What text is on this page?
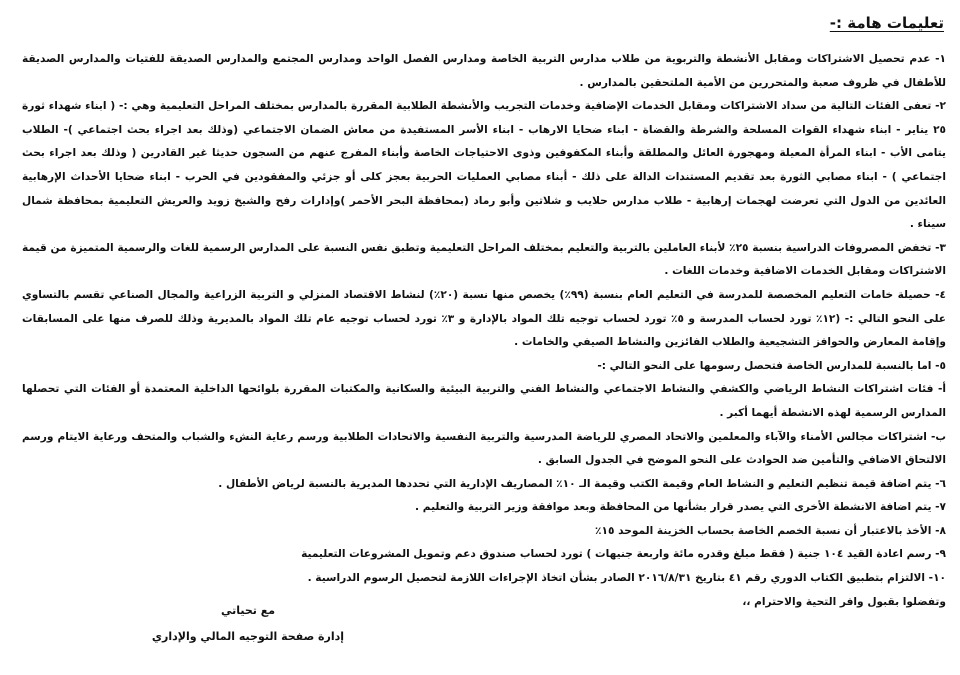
تعليمات هامة :-

١- عدم تحصيل الاشتراكات ومقابل الأنشطة والتربوية من طلاب مدارس التربية الخاصة ومدارس الفصل الواحد ومدارس المجتمع والمدارس الصديقة للفتيات والمدارس الصديقة للأطفال في ظروف صعبة والمتحررين من الأمية الملتحقين بالمدارس .

٢- تعفى الفئات التالية من سداد الاشتراكات ومقابل الخدمات الإضافية وخدمات التجريب والأنشطة الطلابية المقررة بالمدارس بمختلف المراحل التعليمية وهي :- ( ابناء شهداء ثورة ٢٥ يناير - ابناء شهداء القوات المسلحة والشرطة والقضاة - ابناء ضحايا الارهاب - ابناء الأسر المستفيدة من معاش الضمان الاجتماعي (وذلك بعد اجراء بحث اجتماعي )- الطلاب يتامى الأب - ابناء المرأة المعيلة ومهجورة العائل والمطلقة وأبناء المكفوفين وذوى الاحتياجات الخاصة وأبناء المفرج عنهم من السجون حديثا غير القادرين ( وذلك بعد اجراء بحث اجتماعي ) - ابناء مصابي الثورة بعد تقديم المستندات الدالة على ذلك - أبناء مصابي العمليات الحربية بعجز كلى أو جزئي والمفقودين في الحرب - ابناء ضحايا الأحداث الإرهابية العائدين من الدول التي تعرضت لهجمات إرهابية - طلاب مدارس حلايب و شلاتين وأبو رماد (بمحافظة البحر الأحمر )وإدارات رفح والشيخ زويد والعريش التعليمية بمحافظة شمال سيناء .

٣- تخفض المصروفات الدراسية بنسبة ٢٥٪ لأبناء العاملين بالتربية والتعليم بمختلف المراحل التعليمية وتطبق نفس النسبة على المدارس الرسمية للغات والرسمية المتميزة من قيمة الاشتراكات ومقابل الخدمات الاضافية وخدمات اللغات .

٤- حصيلة خامات التعليم المخصصة للمدرسة في التعليم العام بنسبة (٩٩٪) يخصص منها نسبة (٢٠٪) لنشاط الاقتصاد المنزلي و التربية الزراعية والمجال الصناعي تقسم بالتساوي على النحو التالي :- (١٢٪ تورد لحساب المدرسة و ٥٪ تورد لحساب توجيه تلك المواد بالإدارة و ٣٪ تورد لحساب توجيه عام تلك المواد بالمديرية وذلك للصرف منها على المسابقات وإقامة المعارض والحوافز التشجيعية والطلاب الفائزين والنشاط الصيفي والخامات .

٥- اما بالنسبة للمدارس الخاصة فتحصل رسومها على النحو التالي :-

أ- فئات اشتراكات النشاط الرياضي والكشفي والنشاط الاجتماعي والنشاط الفني والتربية البيئية والسكانية والمكتبات المقررة بلوائحها الداخلية المعتمدة أو الفئات التي تحصلها المدارس الرسمية لهذه الانشطة أيهما أكبر .

ب- اشتراكات مجالس الأمناء والآباء والمعلمين والاتحاد المصري للرياضة المدرسية والتربية النفسية والاتحادات الطلابية ورسم رعاية النشء والشباب والمتحف ورعاية الايتام ورسم الالتحاق الاضافي والتأمين ضد الحوادث على النحو الموضح في الجدول السابق .

٦- يتم اضافة قيمة تنظيم التعليم و النشاط العام وقيمة الكتب وقيمة الـ ١٠٪ المصاريف الإدارية التي تحددها المديرية بالنسبة لرياض الأطفال .

٧- يتم اضافة الانشطة الأخرى التي يصدر قرار بشأنها من المحافظة وبعد موافقة وزير التربية والتعليم .

٨- الأخذ بالاعتبار أن نسبة الخصم الخاصة بحساب الخزينة الموحد ١٥٪

٩- رسم اعادة القيد ١٠٤ جنية ( فقط مبلغ وقدره مائة واربعة جنيهات ) تورد لحساب صندوق دعم وتمويل المشروعات التعليمية

١٠- الالتزام بتطبيق الكتاب الدوري رقم ٤١ بتاريخ ٢٠١٦/٨/٣١ الصادر بشأن اتخاذ الإجراءات اللازمة لتحصيل الرسوم الدراسية .

وتفضلوا بقبول وافر التحية والاحترام ،،

مع تحياتي
إدارة صفحة التوجيه المالي والإداري
